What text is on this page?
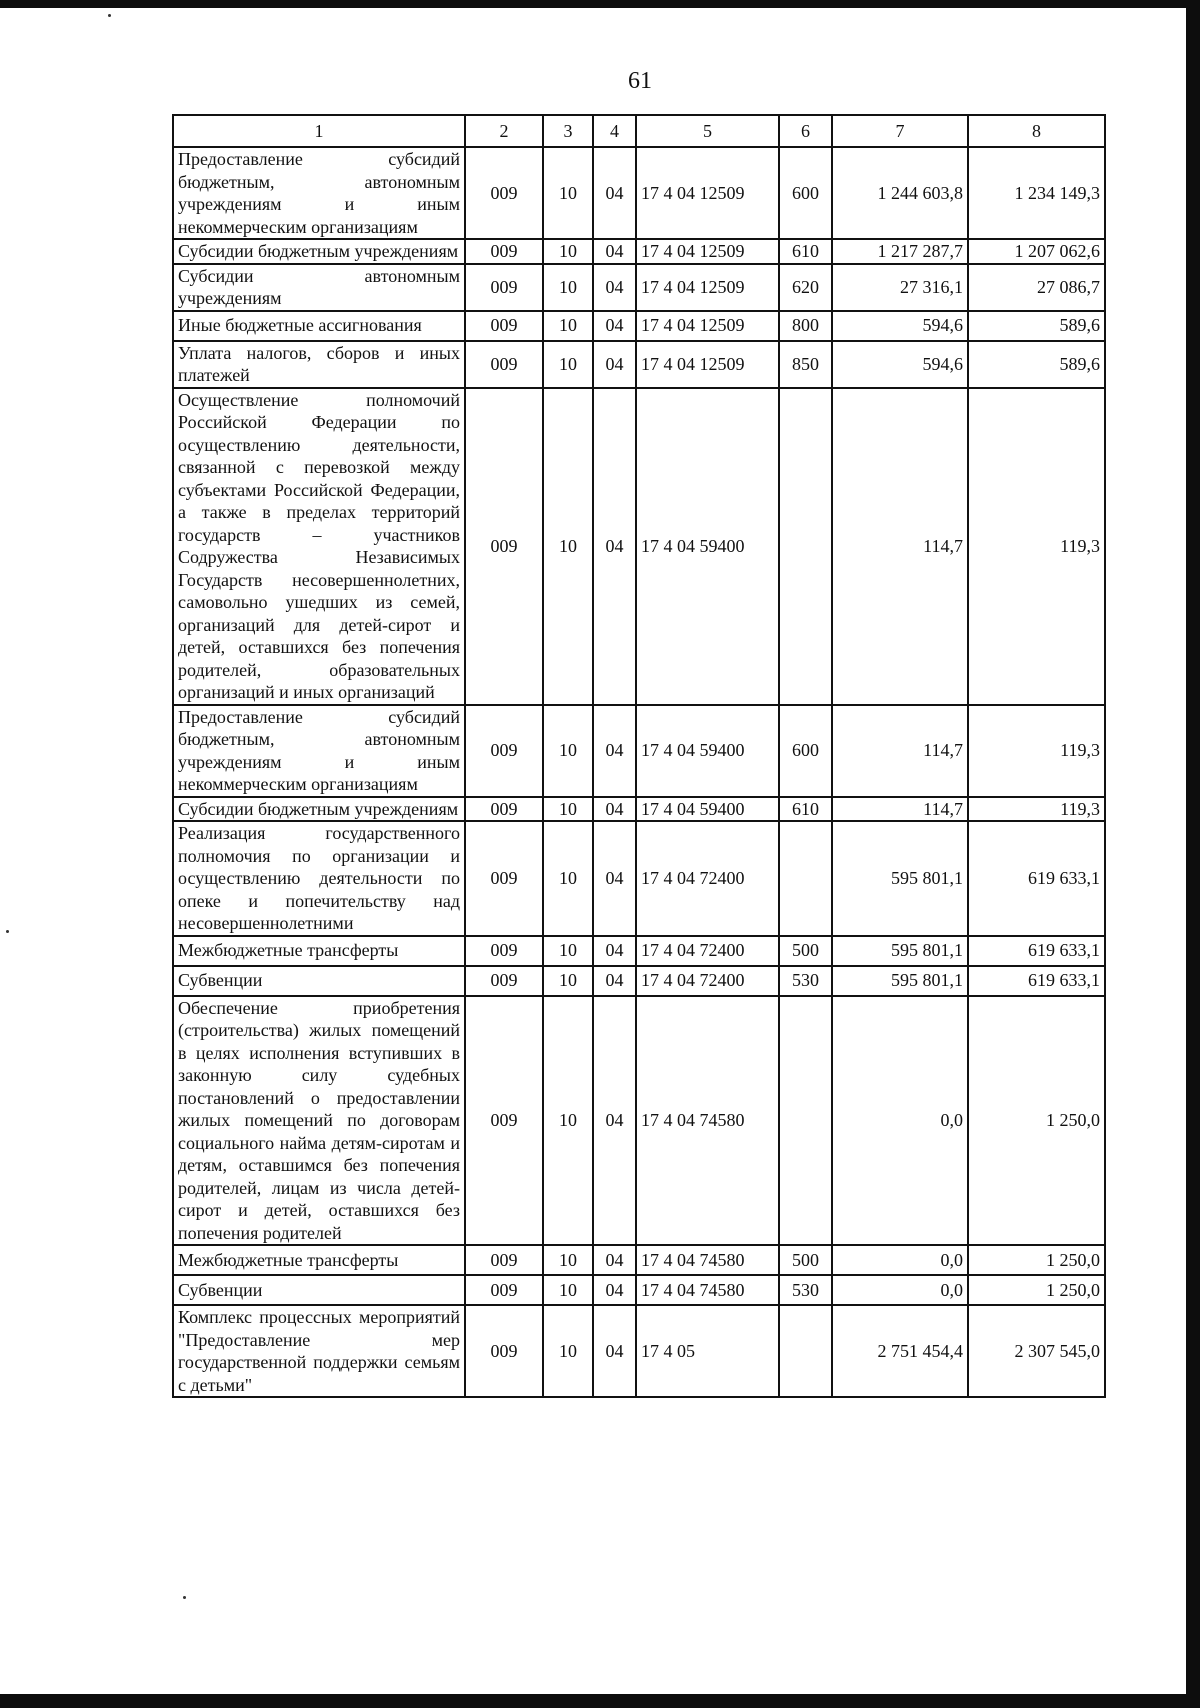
61
1	2	3	4	5	6	7	8
Предоставление субсидий бюджетным, автономным учреждениям и иным некоммерческим организациям	009	10	04	17 4 04 12509	600	1 244 603,8	1 234 149,3
Субсидии бюджетным учреждениям	009	10	04	17 4 04 12509	610	1 217 287,7	1 207 062,6
Субсидии автономным учреждениям	009	10	04	17 4 04 12509	620	27 316,1	27 086,7
Иные бюджетные ассигнования	009	10	04	17 4 04 12509	800	594,6	589,6
Уплата налогов, сборов и иных платежей	009	10	04	17 4 04 12509	850	594,6	589,6
Осуществление полномочий Российской Федерации по осуществлению деятельности, связанной с перевозкой между субъектами Российской Федерации, а также в пределах территорий государств – участников Содружества Независимых Государств несовершеннолетних, самовольно ушедших из семей, организаций для детей-сирот и детей, оставшихся без попечения родителей, образовательных организаций и иных организаций	009	10	04	17 4 04 59400		114,7	119,3
Предоставление субсидий бюджетным, автономным учреждениям и иным некоммерческим организациям	009	10	04	17 4 04 59400	600	114,7	119,3
Субсидии бюджетным учреждениям	009	10	04	17 4 04 59400	610	114,7	119,3
Реализация государственного полномочия по организации и осуществлению деятельности по опеке и попечительству над несовершеннолетними	009	10	04	17 4 04 72400		595 801,1	619 633,1
Межбюджетные трансферты	009	10	04	17 4 04 72400	500	595 801,1	619 633,1
Субвенции	009	10	04	17 4 04 72400	530	595 801,1	619 633,1
Обеспечение приобретения (строительства) жилых помещений в целях исполнения вступивших в законную силу судебных постановлений о предоставлении жилых помещений по договорам социального найма детям-сиротам и детям, оставшимся без попечения родителей, лицам из числа детей-сирот и детей, оставшихся без попечения родителей	009	10	04	17 4 04 74580		0,0	1 250,0
Межбюджетные трансферты	009	10	04	17 4 04 74580	500	0,0	1 250,0
Субвенции	009	10	04	17 4 04 74580	530	0,0	1 250,0
Комплекс процессных мероприятий "Предоставление мер государственной поддержки семьям с детьми"	009	10	04	17 4 05		2 751 454,4	2 307 545,0
